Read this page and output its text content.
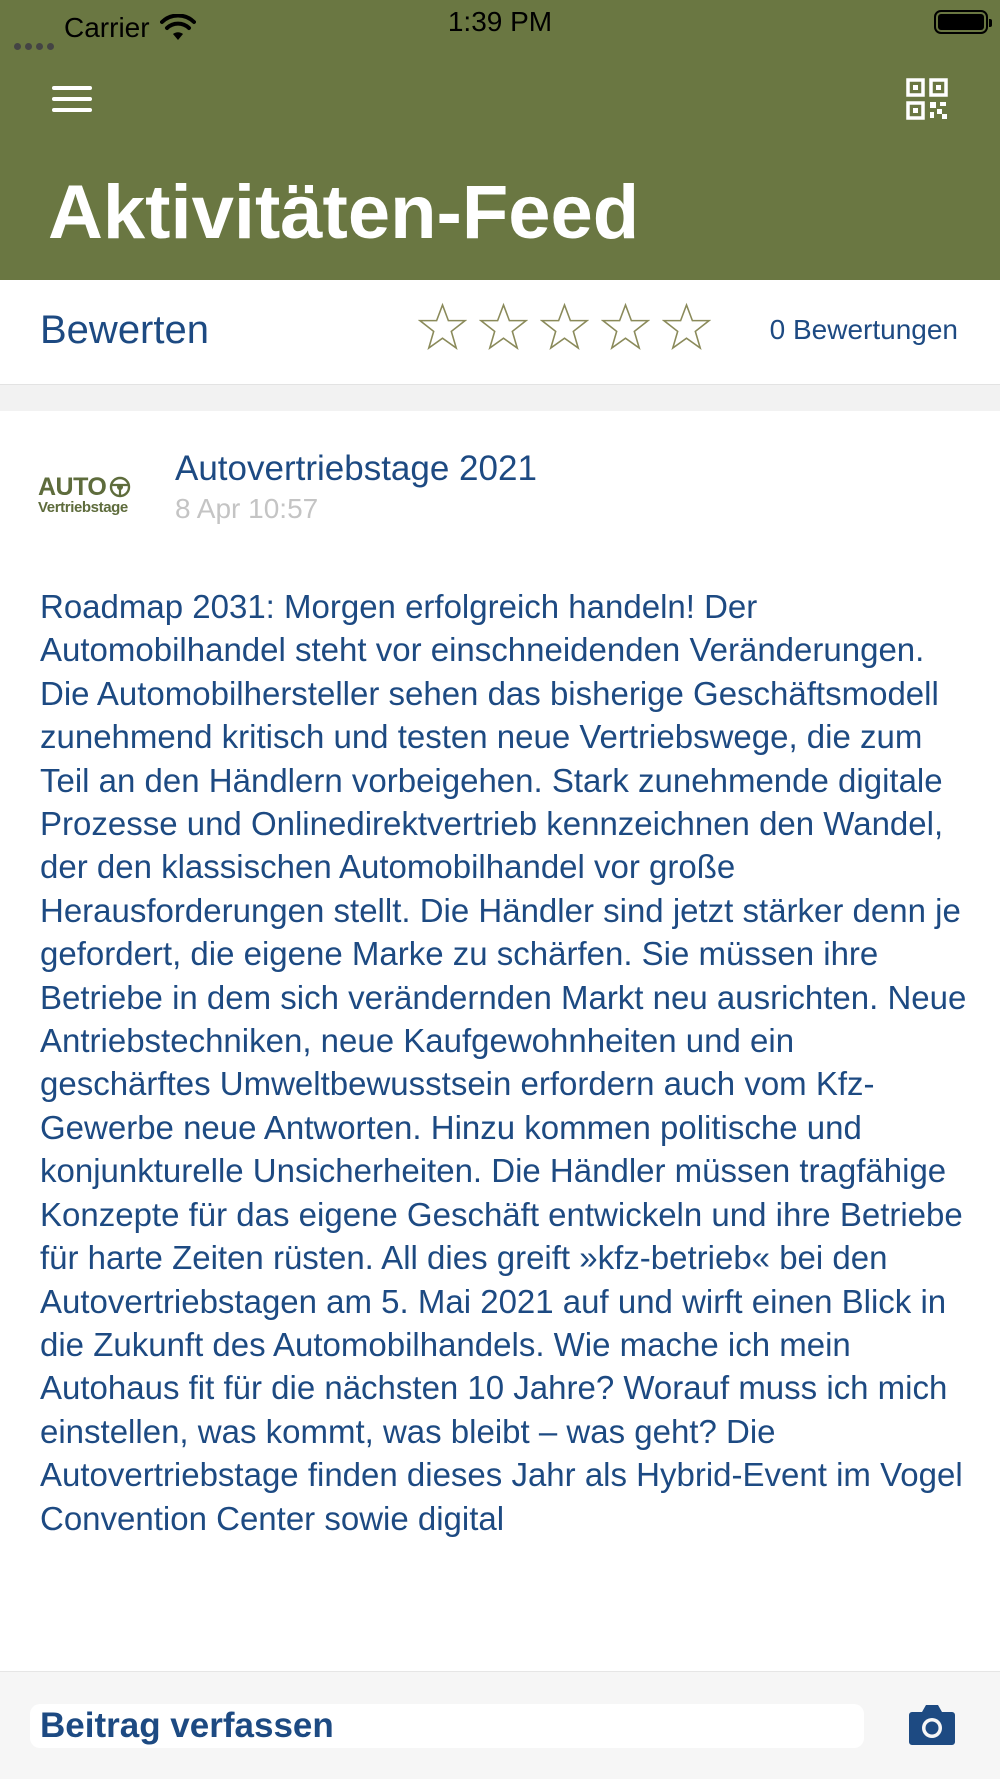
Carrier	1:39 PM
Aktivitäten-Feed
Bewerten	0 Bewertungen
AUTO
Vertriebstage
Autovertriebstage 2021
8 Apr 10:57

Roadmap 2031: Morgen erfolgreich handeln! Der Automobilhandel steht vor einschneidenden Veränderungen. Die Automobilhersteller sehen das bisherige Geschäftsmodell zunehmend kritisch und testen neue Vertriebswege, die zum Teil an den Händlern vorbeigehen. Stark zunehmende digitale Prozesse und Onlinedirektvertrieb kennzeichnen den Wandel, der den klassischen Automobilhandel vor große Herausforderungen stellt. Die Händler sind jetzt stärker denn je gefordert, die eigene Marke zu schärfen. Sie müssen ihre Betriebe in dem sich verändernden Markt neu ausrichten. Neue Antriebstechniken, neue Kaufgewohnheiten und ein geschärftes Umweltbewusstsein erfordern auch vom Kfz-Gewerbe neue Antworten. Hinzu kommen politische und konjunkturelle Unsicherheiten. Die Händler müssen tragfähige Konzepte für das eigene Geschäft entwickeln und ihre Betriebe für harte Zeiten rüsten. All dies greift »kfz-betrieb« bei den Autovertriebstagen am 5. Mai 2021 auf und wirft einen Blick in die Zukunft des Automobilhandels. Wie mache ich mein Autohaus fit für die nächsten 10 Jahre? Worauf muss ich mich einstellen, was kommt, was bleibt – was geht? Die Autovertriebstage finden dieses Jahr als Hybrid-Event im Vogel Convention Center sowie digital

Beitrag verfassen
